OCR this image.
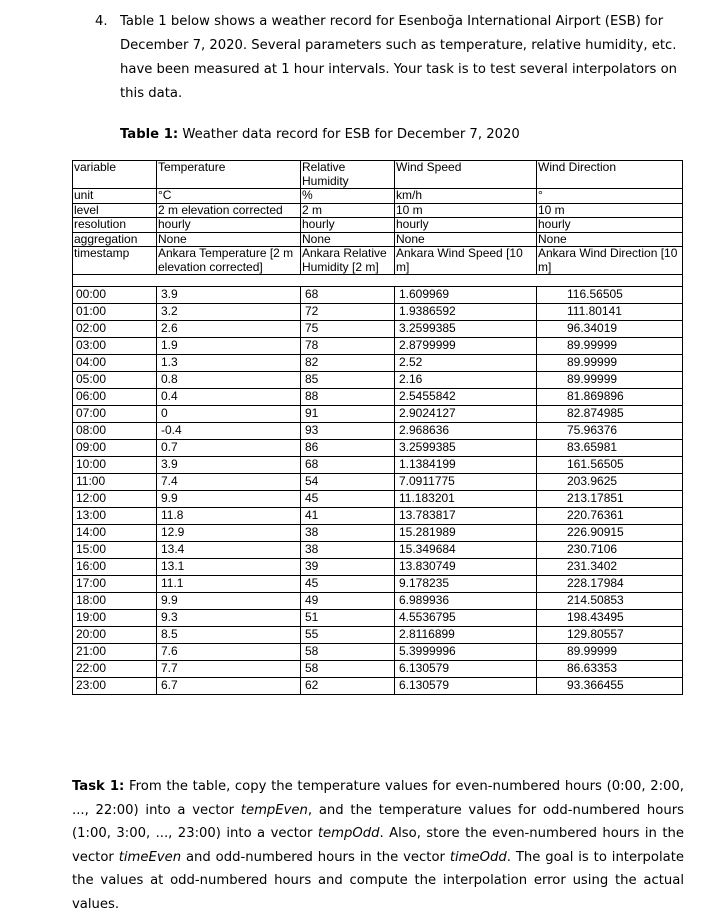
4. Table 1 below shows a weather record for Esenboğa International Airport (ESB) for December 7, 2020. Several parameters such as temperature, relative humidity, etc. have been measured at 1 hour intervals. Your task is to test several interpolators on this data.
Table 1: Weather data record for ESB for December 7, 2020
variable	Temperature	Relative Humidity	Wind Speed	Wind Direction
unit	°C	%	km/h	°
level	2 m elevation corrected	2 m	10 m	10 m
resolution	hourly	hourly	hourly	hourly
aggregation	None	None	None	None
timestamp	Ankara Temperature [2 m elevation corrected]	Ankara Relative Humidity [2 m]	Ankara Wind Speed [10 m]	Ankara Wind Direction [10 m]

00:00	3.9	68	1.609969	116.56505
01:00	3.2	72	1.9386592	111.80141
02:00	2.6	75	3.2599385	96.34019
03:00	1.9	78	2.8799999	89.99999
04:00	1.3	82	2.52	89.99999
05:00	0.8	85	2.16	89.99999
06:00	0.4	88	2.5455842	81.869896
07:00	0	91	2.9024127	82.874985
08:00	-0.4	93	2.968636	75.96376
09:00	0.7	86	3.2599385	83.65981
10:00	3.9	68	1.1384199	161.56505
11:00	7.4	54	7.0911775	203.9625
12:00	9.9	45	11.183201	213.17851
13:00	11.8	41	13.783817	220.76361
14:00	12.9	38	15.281989	226.90915
15:00	13.4	38	15.349684	230.7106
16:00	13.1	39	13.830749	231.3402
17:00	11.1	45	9.178235	228.17984
18:00	9.9	49	6.989936	214.50853
19:00	9.3	51	4.5536795	198.43495
20:00	8.5	55	2.8116899	129.80557
21:00	7.6	58	5.3999996	89.99999
22:00	7.7	58	6.130579	86.63353
23:00	6.7	62	6.130579	93.366455
Task 1: From the table, copy the temperature values for even-numbered hours (0:00, 2:00, ..., 22:00) into a vector tempEven, and the temperature values for odd-numbered hours (1:00, 3:00, ..., 23:00) into a vector tempOdd. Also, store the even-numbered hours in the vector timeEven and odd-numbered hours in the vector timeOdd. The goal is to interpolate the values at odd-numbered hours and compute the interpolation error using the actual values.
